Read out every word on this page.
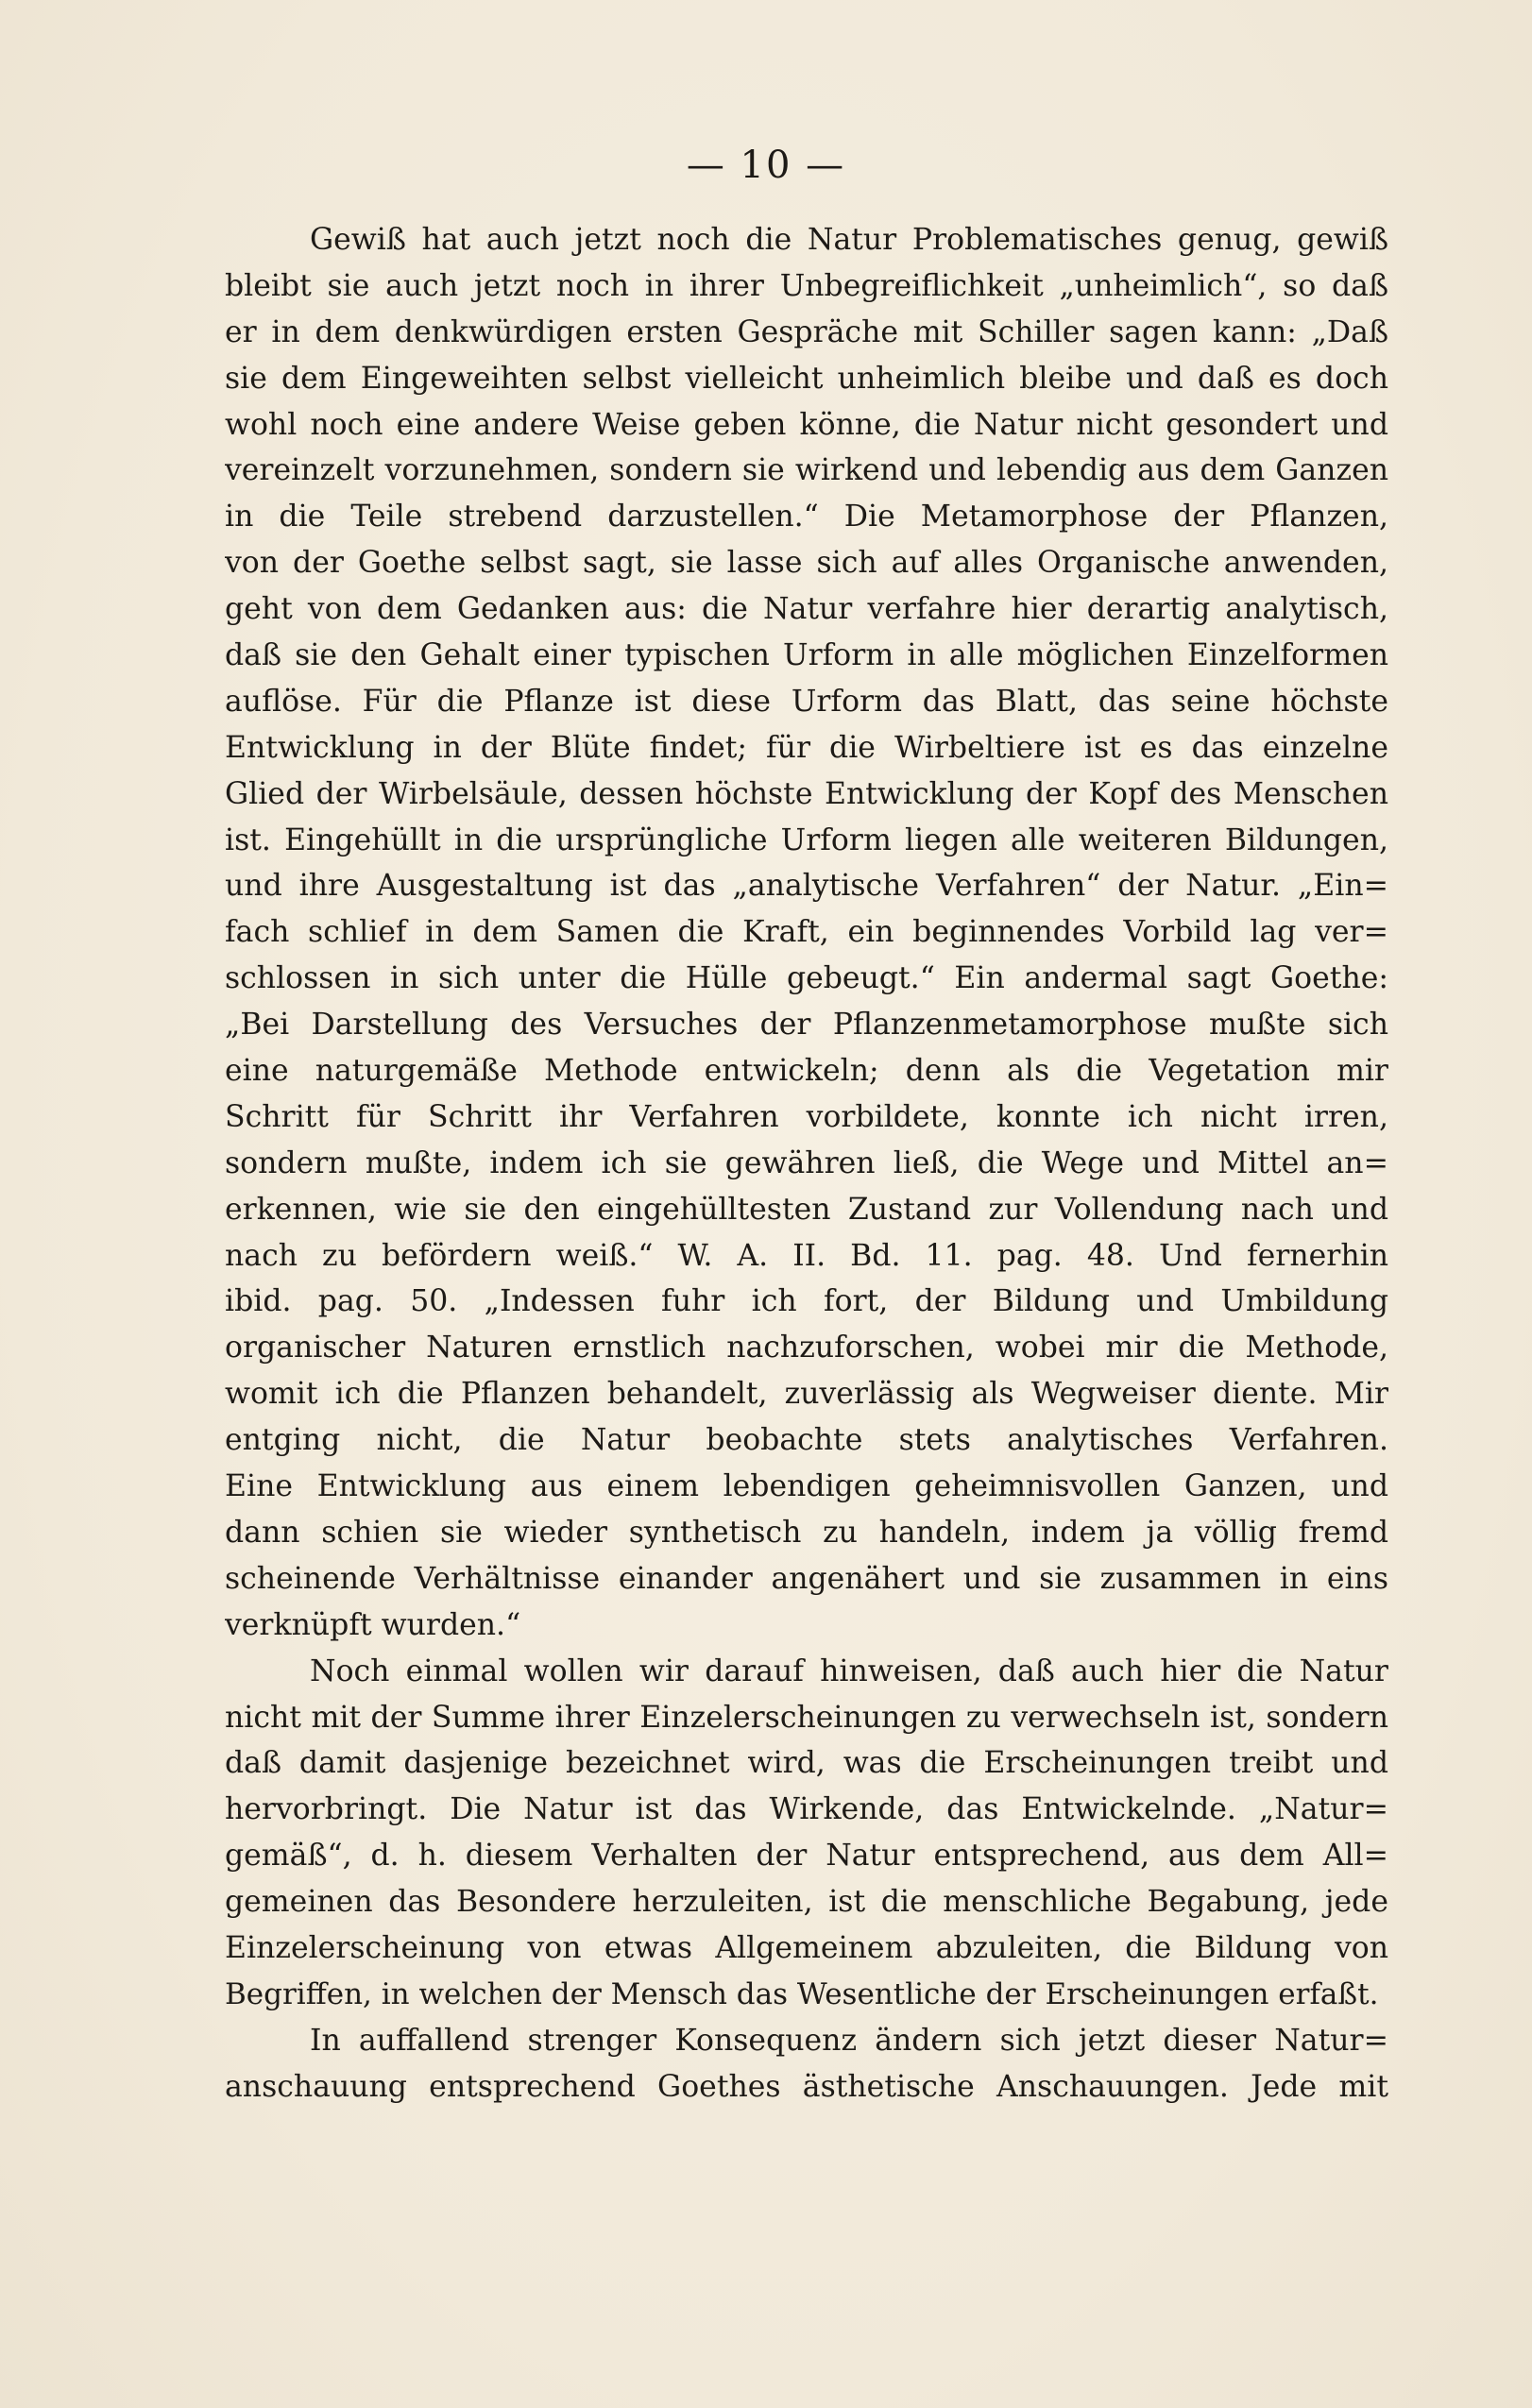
— 10 —
Gewiß hat auch jetzt noch die Natur Problematisches genug, gewiß
bleibt sie auch jetzt noch in ihrer Unbegreiflichkeit „unheimlich“, so daß
er in dem denkwürdigen ersten Gespräche mit Schiller sagen kann: „Daß
sie dem Eingeweihten selbst vielleicht unheimlich bleibe und daß es doch
wohl noch eine andere Weise geben könne, die Natur nicht gesondert und
vereinzelt vorzunehmen, sondern sie wirkend und lebendig aus dem Ganzen
in die Teile strebend darzustellen.“ Die Metamorphose der Pflanzen,
von der Goethe selbst sagt, sie lasse sich auf alles Organische anwenden,
geht von dem Gedanken aus: die Natur verfahre hier derartig analytisch,
daß sie den Gehalt einer typischen Urform in alle möglichen Einzelformen
auflöse. Für die Pflanze ist diese Urform das Blatt, das seine höchste
Entwicklung in der Blüte findet; für die Wirbeltiere ist es das einzelne
Glied der Wirbelsäule, dessen höchste Entwicklung der Kopf des Menschen
ist. Eingehüllt in die ursprüngliche Urform liegen alle weiteren Bildungen,
und ihre Ausgestaltung ist das „analytische Verfahren“ der Natur. „Ein=
fach schlief in dem Samen die Kraft, ein beginnendes Vorbild lag ver=
schlossen in sich unter die Hülle gebeugt.“ Ein andermal sagt Goethe:
„Bei Darstellung des Versuches der Pflanzenmetamorphose mußte sich
eine naturgemäße Methode entwickeln; denn als die Vegetation mir
Schritt für Schritt ihr Verfahren vorbildete, konnte ich nicht irren,
sondern mußte, indem ich sie gewähren ließ, die Wege und Mittel an=
erkennen, wie sie den eingehülltesten Zustand zur Vollendung nach und
nach zu befördern weiß.“ W. A. II. Bd. 11. pag. 48. Und fernerhin
ibid. pag. 50. „Indessen fuhr ich fort, der Bildung und Umbildung
organischer Naturen ernstlich nachzuforschen, wobei mir die Methode,
womit ich die Pflanzen behandelt, zuverlässig als Wegweiser diente. Mir
entging nicht, die Natur beobachte stets analytisches Verfahren.
Eine Entwicklung aus einem lebendigen geheimnisvollen Ganzen, und
dann schien sie wieder synthetisch zu handeln, indem ja völlig fremd
scheinende Verhältnisse einander angenähert und sie zusammen in eins
verknüpft wurden.“
Noch einmal wollen wir darauf hinweisen, daß auch hier die Natur
nicht mit der Summe ihrer Einzelerscheinungen zu verwechseln ist, sondern
daß damit dasjenige bezeichnet wird, was die Erscheinungen treibt und
hervorbringt. Die Natur ist das Wirkende, das Entwickelnde. „Natur=
gemäß“, d. h. diesem Verhalten der Natur entsprechend, aus dem All=
gemeinen das Besondere herzuleiten, ist die menschliche Begabung, jede
Einzelerscheinung von etwas Allgemeinem abzuleiten, die Bildung von
Begriffen, in welchen der Mensch das Wesentliche der Erscheinungen erfaßt.
In auffallend strenger Konsequenz ändern sich jetzt dieser Natur=
anschauung entsprechend Goethes ästhetische Anschauungen. Jede mit
